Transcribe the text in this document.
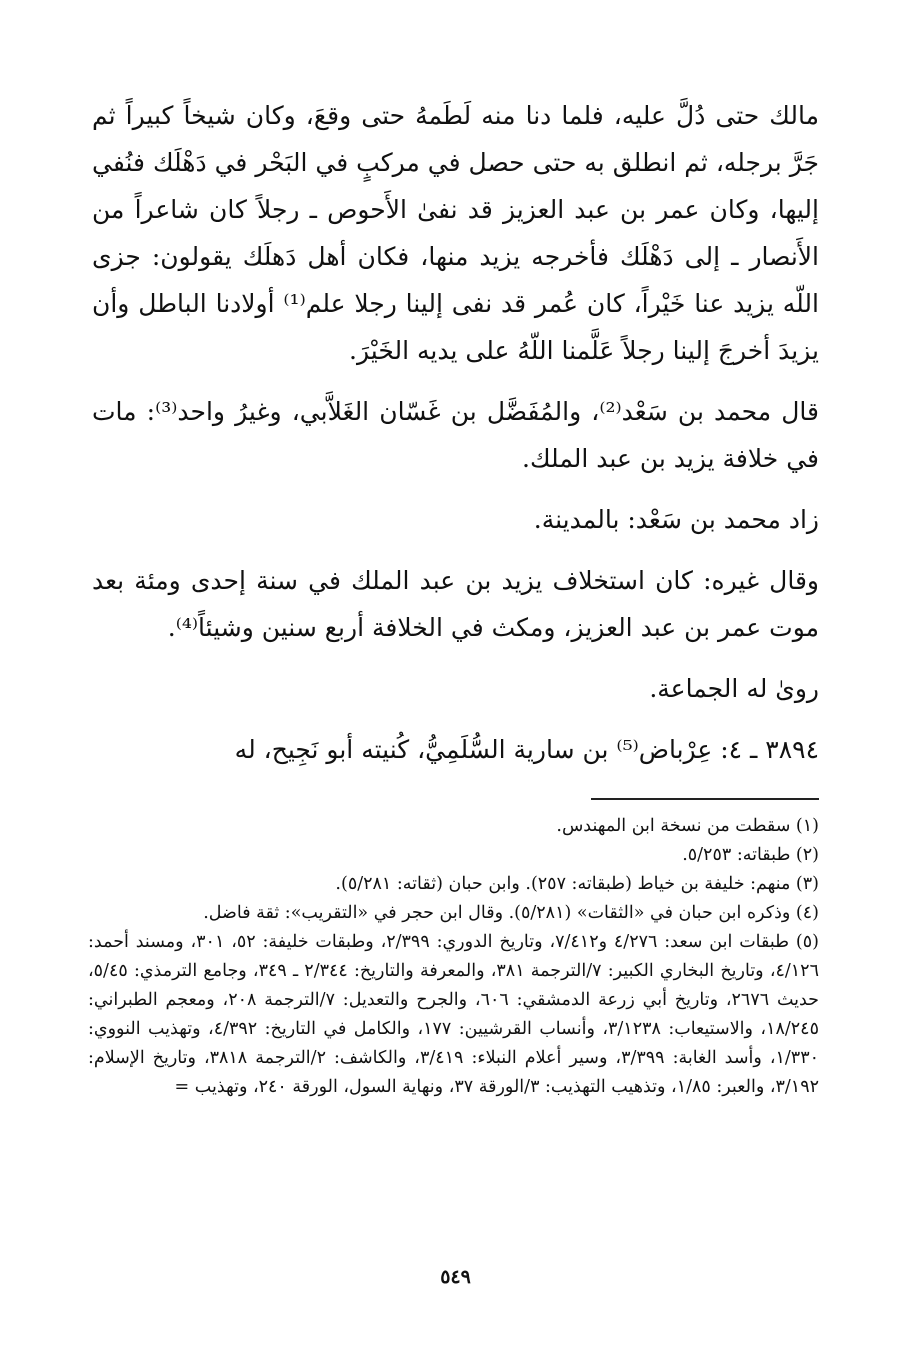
مالك حتى دُلَّ عليه، فلما دنا منه لَطَمهُ حتى وقعَ، وكان شيخاً كبيراً ثم جَرَّ برجله، ثم انطلق به حتى حصل في مركبٍ في البَحْر في دَهْلَك فنُفي إليها، وكان عمر بن عبد العزيز قد نفىٰ الأَحوص ـ رجلاً كان شاعراً من الأَنصار ـ إلى دَهْلَك فأخرجه يزيد منها، فكان أهل دَهلَك يقولون: جزى اللّه يزيد عنا خَيْراً، كان عُمر قد نفى إلينا رجلا علم⁽¹⁾ أولادنا الباطل وأن يزيدَ أخرجَ إلينا رجلاً عَلَّمنا اللّهُ على يديه الخَيْرَ.

قال محمد بن سَعْد⁽²⁾، والمُفَضَّل بن غَسّان الغَلاَّبي، وغيرُ واحد⁽³⁾: مات في خلافة يزيد بن عبد الملك.

زاد محمد بن سَعْد: بالمدينة.

وقال غيره: كان استخلاف يزيد بن عبد الملك في سنة إحدى ومئة بعد موت عمر بن عبد العزيز، ومكث في الخلافة أربع سنين وشيئاً⁽⁴⁾.

رویٰ له الجماعة.

٣٨٩٤ ـ ٤: عِرْباض⁽⁵⁾ بن سارية السُّلَمِيُّ، كُنيته أبو نَجِيح، له

(١) سقطت من نسخة ابن المهندس.

(٢) طبقاته: ٥/٢٥٣.

(٣) منهم: خليفة بن خياط (طبقاته: ٢٥٧). وابن حبان (ثقاته: ٥/٢٨١).

(٤) وذكره ابن حبان في «الثقات» (٥/٢٨١). وقال ابن حجر في «التقريب»: ثقة فاضل.

(٥) طبقات ابن سعد: ٤/٢٧٦ و٧/٤١٢، وتاريخ الدوري: ٢/٣٩٩، وطبقات خليفة: ٥٢، ٣٠١، ومسند أحمد: ٤/١٢٦، وتاريخ البخاري الكبير: ٧/الترجمة ٣٨١، والمعرفة والتاريخ: ٢/٣٤٤ ـ ٣٤٩، وجامع الترمذي: ٥/٤٥، حديث ٢٦٧٦، وتاريخ أبي زرعة الدمشقي: ٦٠٦، والجرح والتعديل: ٧/الترجمة ٢٠٨، ومعجم الطبراني: ١٨/٢٤٥، والاستيعاب: ٣/١٢٣٨، وأنساب القرشيين: ١٧٧، والكامل في التاريخ: ٤/٣٩٢، وتهذيب النووي: ١/٣٣٠، وأسد الغابة: ٣/٣٩٩، وسير أعلام النبلاء: ٣/٤١٩، والكاشف: ٢/الترجمة ٣٨١٨، وتاريخ الإسلام: ٣/١٩٢، والعبر: ١/٨٥، وتذهيب التهذيب: ٣/الورقة ٣٧، ونهاية السول، الورقة ٢٤٠، وتهذيب =

٥٤٩
